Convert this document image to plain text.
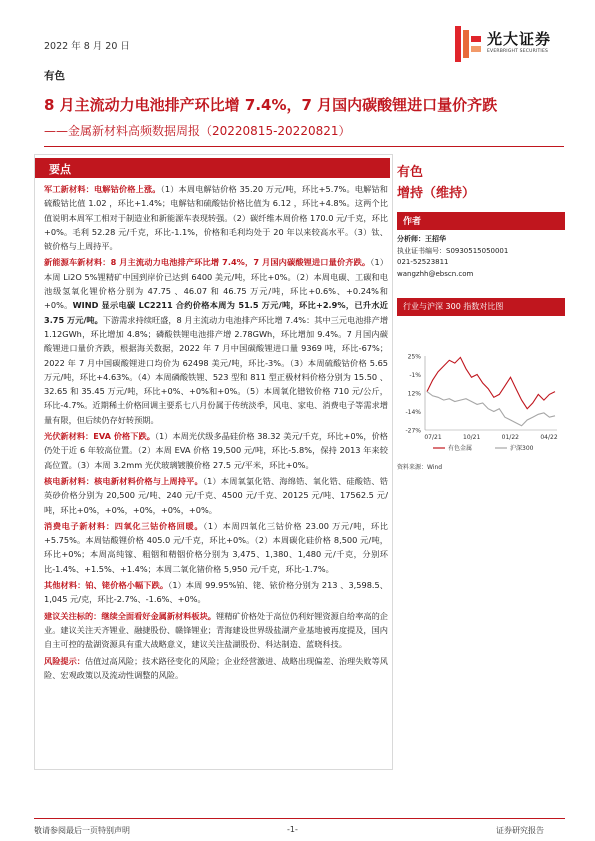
2022 年 8 月 20 日	光大证券
EVERBRIGHT SECURITIES
有色
8 月主流动力电池排产环比增 7.4%，7 月国内碳酸锂进口量价齐跌
——金属新材料高频数据周报（20220815-20220821）
要点

军工新材料：电解钴价格上涨。（1）本周电解钴价格 35.20 万元/吨，环比+5.7%。电解钴和硫酸钴比值 1.02 ，环比+1.4%；电解钴和硫酸钴价格比值为 6.12 ，环比+4.8%。这两个比值说明本周军工相对于制造业和新能源车表现转强。（2）碳纤维本周价格 170.0 元/千克，环比+0%。毛利 52.28 元/千克，环比-1.1%，价格和毛利均处于 20 年以来较高水平。（3）钛、铍价格与上周持平。

新能源车新材料：8 月主流动力电池排产环比增 7.4%，7 月国内碳酸锂进口量价齐跌。（1）本周 Li2O 5%锂精矿中国到岸价已达到 6400 美元/吨，环比+0%。（2）本周电碳、工碳和电池级氢氧化锂价格分别为 47.75 、46.07 和 46.75 万元/吨，环比+0.6%、+0.24%和+0%。WIND 显示电碳 LC2211 合约价格本周为 51.5 万元/吨，环比+2.9%，已升水近 3.75 万元/吨。下游需求持续旺盛，8 月主流动力电池排产环比增 7.4%：其中三元电池排产增 1.12GWh，环比增加 4.8%；磷酸铁锂电池排产增 2.78GWh，环比增加 9.4%。7 月国内碳酸锂进口量价齐跌，根据海关数据，2022 年 7 月中国碳酸锂进口量 9369 吨，环比-67%；2022 年 7 月中国碳酸锂进口均价为 62498 美元/吨，环比-3%。（3）本周硫酸钴价格 5.65 万元/吨，环比+4.63%。（4）本周磷酸铁锂、523 型和 811 型正极材料价格分别为 15.50 、32.65 和 35.45 万元/吨，环比+0%、+0%和+0%。（5）本周氧化镨钕价格 710 元/公斤，环比-4.7%。近期稀土价格回调主要系七八月份属于传统淡季，风电、家电、消费电子等需求增量有限，但后续仍存好转预期。

光伏新材料：EVA 价格下跌。（1）本周光伏级多晶硅价格 38.32 美元/千克，环比+0%，价格仍处于近 6 年较高位置。（2）本周 EVA 价格 19,500 元/吨，环比-5.8%，保持 2013 年来较高位置。（3）本周 3.2mm 光伏玻璃镀膜价格 27.5 元/平米，环比+0%。

核电新材料：核电新材料价格与上周持平。（1）本周氧氯化锆、海绵锆、氧化锆、硅酸锆、锆英砂价格分别为 20,500 元/吨、240 元/千克、4500 元/千克、20125 元/吨、17562.5 元/吨，环比+0%，+0%，+0%，+0%，+0%。

消费电子新材料：四氧化三钴价格回暖。（1）本周四氧化三钴价格 23.00 万元/吨，环比+5.75%。本周钴酸锂价格 405.0 元/千克，环比+0%。（2）本周碳化硅价格 8,500 元/吨，环比+0%；本周高纯镓、粗铟和精铟价格分别为 3,475、1,380、1,480 元/千克，分别环比-1.4%、+1.5%、+1.4%；本周二氧化锗价格 5,950 元/千克，环比-1.7%。

其他材料：铂、铑价格小幅下跌。（1）本周 99.95%铂、铑、铱价格分别为 213 、3,598.5、1,045 元/克，环比-2.7%、-1.6%、+0%。

建议关注标的：继续全面看好金属新材料板块。锂精矿价格处于高位仍利好锂资源自给率高的企业。建议关注天齐锂业、融捷股份、赣锋锂业；青海建设世界级盐湖产业基地被再度提及，国内自主可控的盐湖资源具有重大战略意义，建议关注盐湖股份、科达制造、蓝晓科技。

风险提示：估值过高风险；技术路径变化的风险；企业经营激进、战略出现偏差、治理失败等风险、宏观政策以及流动性调整的风险。

有色
增持（维持）
作者
分析师：王招华
执业证书编号：S0930515050001
021-52523811
wangzhh@ebscn.com
行业与沪深 300 指数对比图
25%
-1%
12%
-14%
-27%
07/21	10/21	01/22	04/22
有色金属	沪深300
资料来源：Wind
敬请参阅最后一页特别声明	-1-	证券研究报告
